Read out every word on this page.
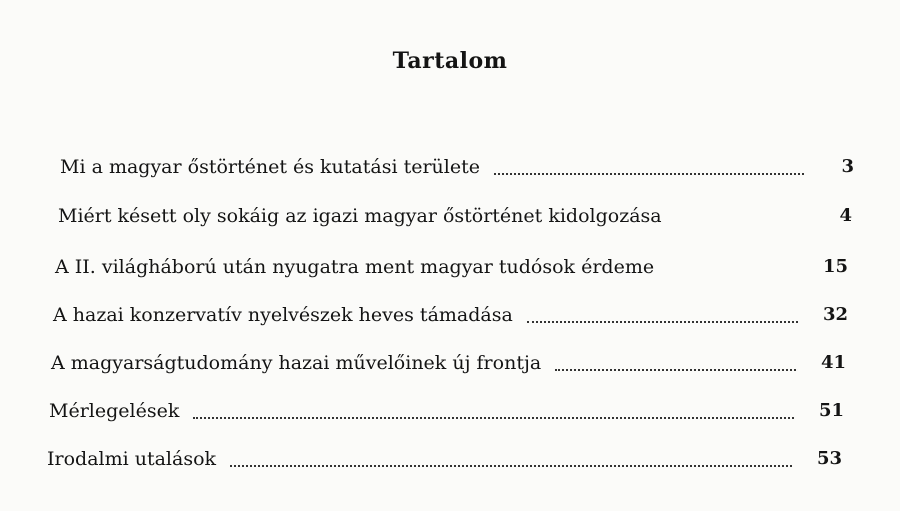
Tartalom
Mi a magyar őstörténet és kutatási területe	3
Miért késett oly sokáig az igazi magyar őstörténet kidolgozása	4
A II. világháború után nyugatra ment magyar tudósok érdeme	15
A hazai konzervatív nyelvészek heves támadása	32
A magyarságtudomány hazai művelőinek új frontja	41
Mérlegelések	51
Irodalmi utalások	53
